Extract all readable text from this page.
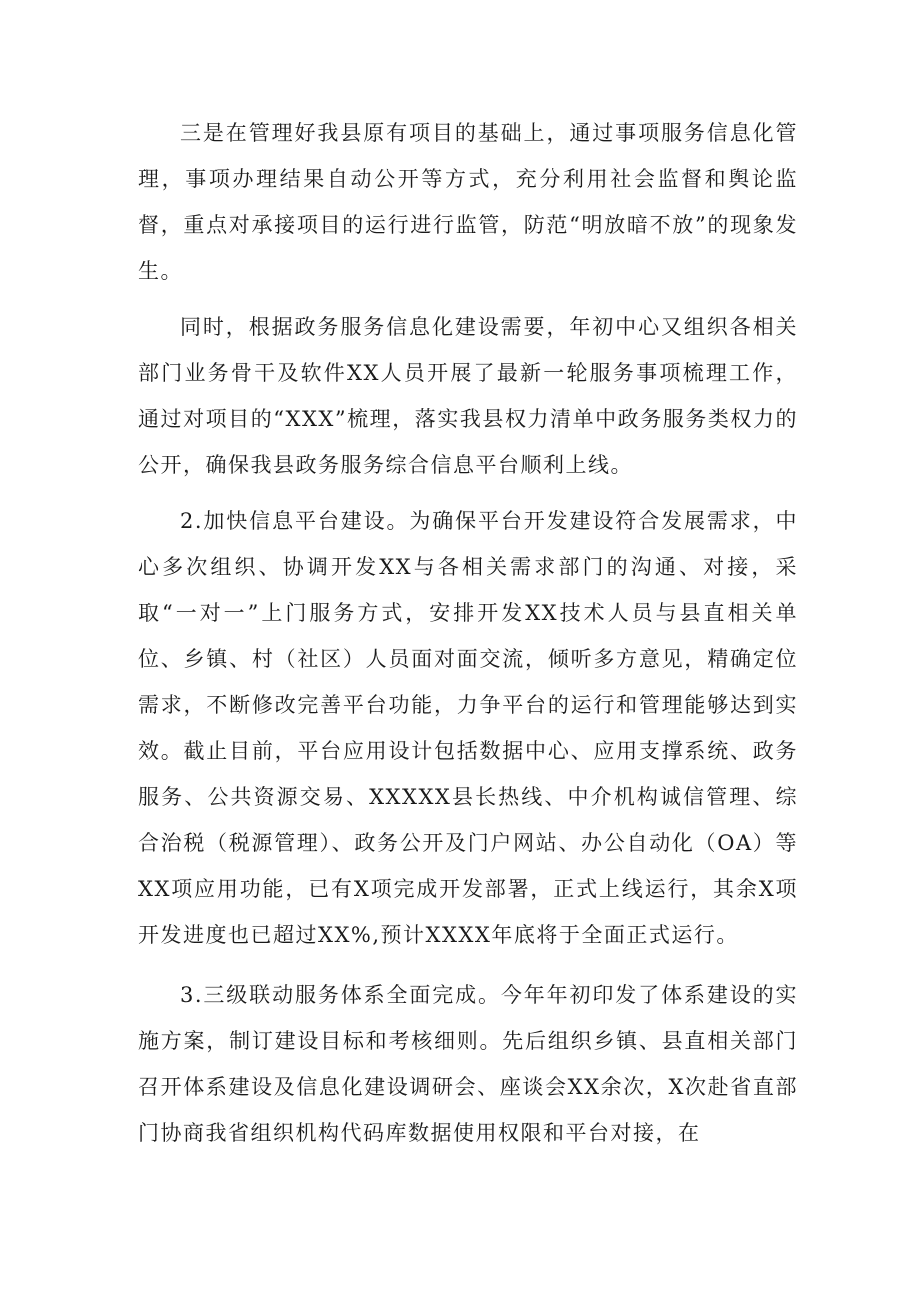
三是在管理好我县原有项目的基础上，通过事项服务信息化管理，事项办理结果自动公开等方式，充分利用社会监督和舆论监督，重点对承接项目的运行进行监管，防范“明放暗不放”的现象发生。

同时，根据政务服务信息化建设需要，年初中心又组织各相关部门业务骨干及软件XX人员开展了最新一轮服务事项梳理工作，通过对项目的“XXX”梳理，落实我县权力清单中政务服务类权力的公开，确保我县政务服务综合信息平台顺利上线。

2.加快信息平台建设。为确保平台开发建设符合发展需求，中心多次组织、协调开发XX与各相关需求部门的沟通、对接，采取“一对一”上门服务方式，安排开发XX技术人员与县直相关单位、乡镇、村（社区）人员面对面交流，倾听多方意见，精确定位需求，不断修改完善平台功能，力争平台的运行和管理能够达到实效。截止目前，平台应用设计包括数据中心、应用支撑系统、政务服务、公共资源交易、XXXXX县长热线、中介机构诚信管理、综合治税（税源管理）、政务公开及门户网站、办公自动化（OA）等XX项应用功能，已有X项完成开发部署，正式上线运行，其余X项开发进度也已超过XX%,预计XXXX年底将于全面正式运行。

3.三级联动服务体系全面完成。今年年初印发了体系建设的实施方案，制订建设目标和考核细则。先后组织乡镇、县直相关部门召开体系建设及信息化建设调研会、座谈会XX余次，X次赴省直部门协商我省组织机构代码库数据使用权限和平台对接，在
